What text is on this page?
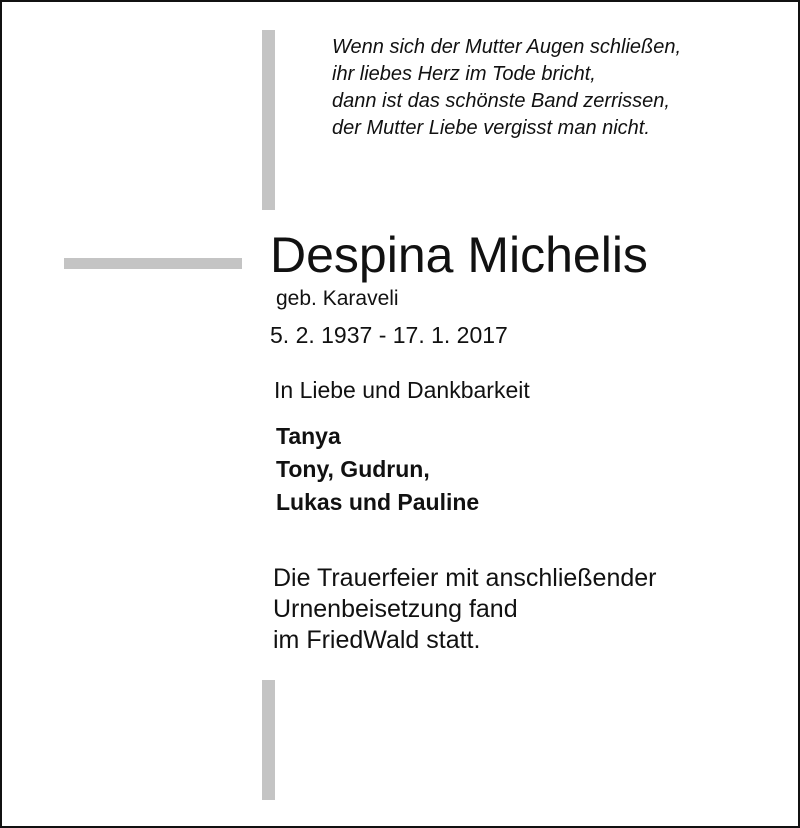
Wenn sich der Mutter Augen schließen,
ihr liebes Herz im Tode bricht,
dann ist das schönste Band zerrissen,
der Mutter Liebe vergisst man nicht.
Despina Michelis
geb. Karaveli
5. 2. 1937 - 17. 1. 2017
In Liebe und Dankbarkeit
Tanya
Tony, Gudrun,
Lukas und Pauline
Die Trauerfeier mit anschließender
Urnenbeisetzung fand
im FriedWald statt.
